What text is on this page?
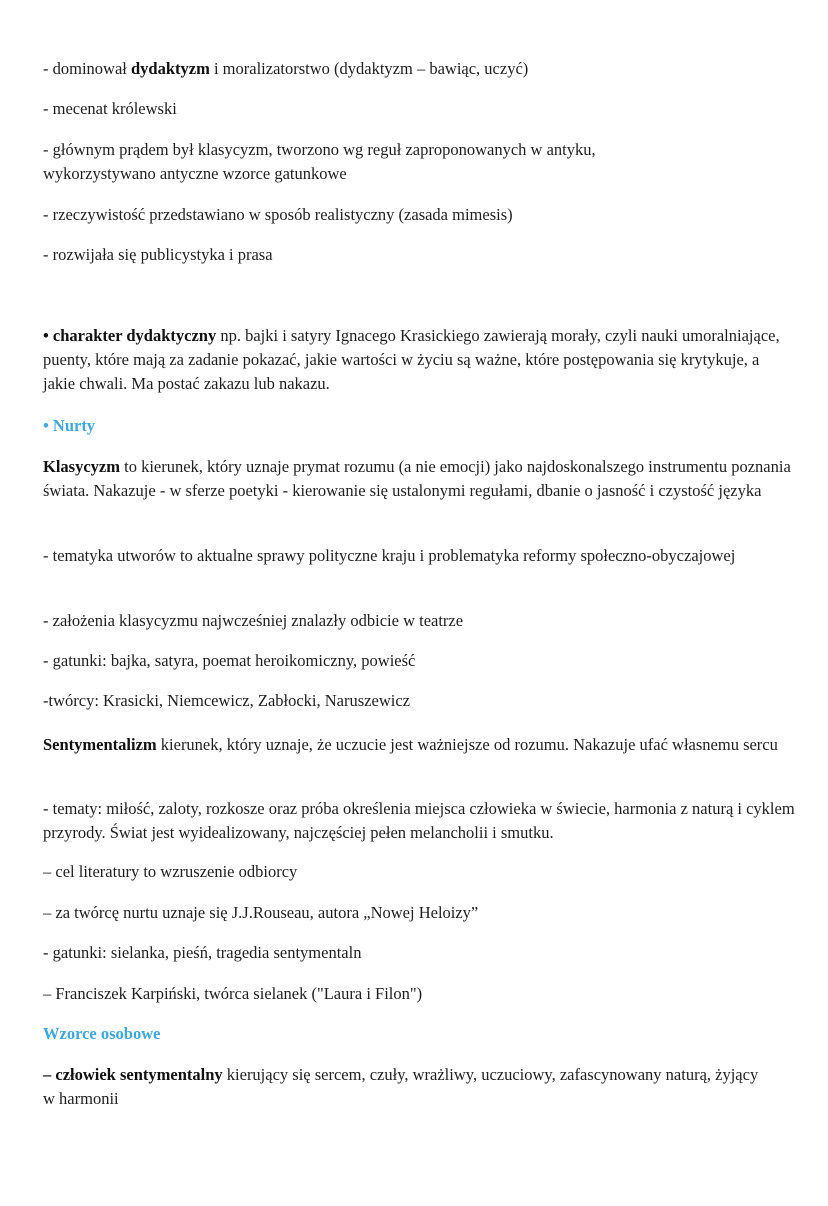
- dominował dydaktyzm i moralizatorstwo (dydaktyzm – bawiąc, uczyć)

- mecenat królewski

- głównym prądem był klasycyzm, tworzono wg reguł zaproponowanych w antyku, wykorzystywano antyczne wzorce gatunkowe

- rzeczywistość przedstawiano w sposób realistyczny (zasada mimesis)

- rozwijała się publicystyka i prasa

• charakter dydaktyczny np. bajki i satyry Ignacego Krasickiego zawierają morały, czyli nauki umoralniające, puenty, które mają za zadanie pokazać, jakie wartości w życiu są ważne, które postępowania się krytykuje, a jakie chwali. Ma postać zakazu lub nakazu.

• Nurty

Klasycyzm to kierunek, który uznaje prymat rozumu (a nie emocji) jako najdoskonalszego instrumentu poznania świata. Nakazuje - w sferze poetyki - kierowanie się ustalonymi regułami, dbanie o jasność i czystość języka

- tematyka utworów to aktualne sprawy polityczne kraju i problematyka reformy społeczno-obyczajowej

- założenia klasycyzmu najwcześniej znalazły odbicie w teatrze

- gatunki: bajka, satyra, poemat heroikomiczny, powieść

-twórcy: Krasicki, Niemcewicz, Zabłocki, Naruszewicz

Sentymentalizm kierunek, który uznaje, że uczucie jest ważniejsze od rozumu. Nakazuje ufać własnemu sercu

- tematy: miłość, zaloty, rozkosze oraz próba określenia miejsca człowieka w świecie, harmonia z naturą i cyklem przyrody. Świat jest wyidealizowany, najczęściej pełen melancholii i smutku.

– cel literatury to wzruszenie odbiorcy

– za twórcę nurtu uznaje się J.J.Rouseau, autora „Nowej Heloizy”

- gatunki: sielanka, pieśń, tragedia sentymentaln

– Franciszek Karpiński, twórca sielanek ("Laura i Filon")

Wzorce osobowe

– człowiek sentymentalny kierujący się sercem, czuły, wrażliwy, uczuciowy, zafascynowany naturą, żyjący w harmonii
